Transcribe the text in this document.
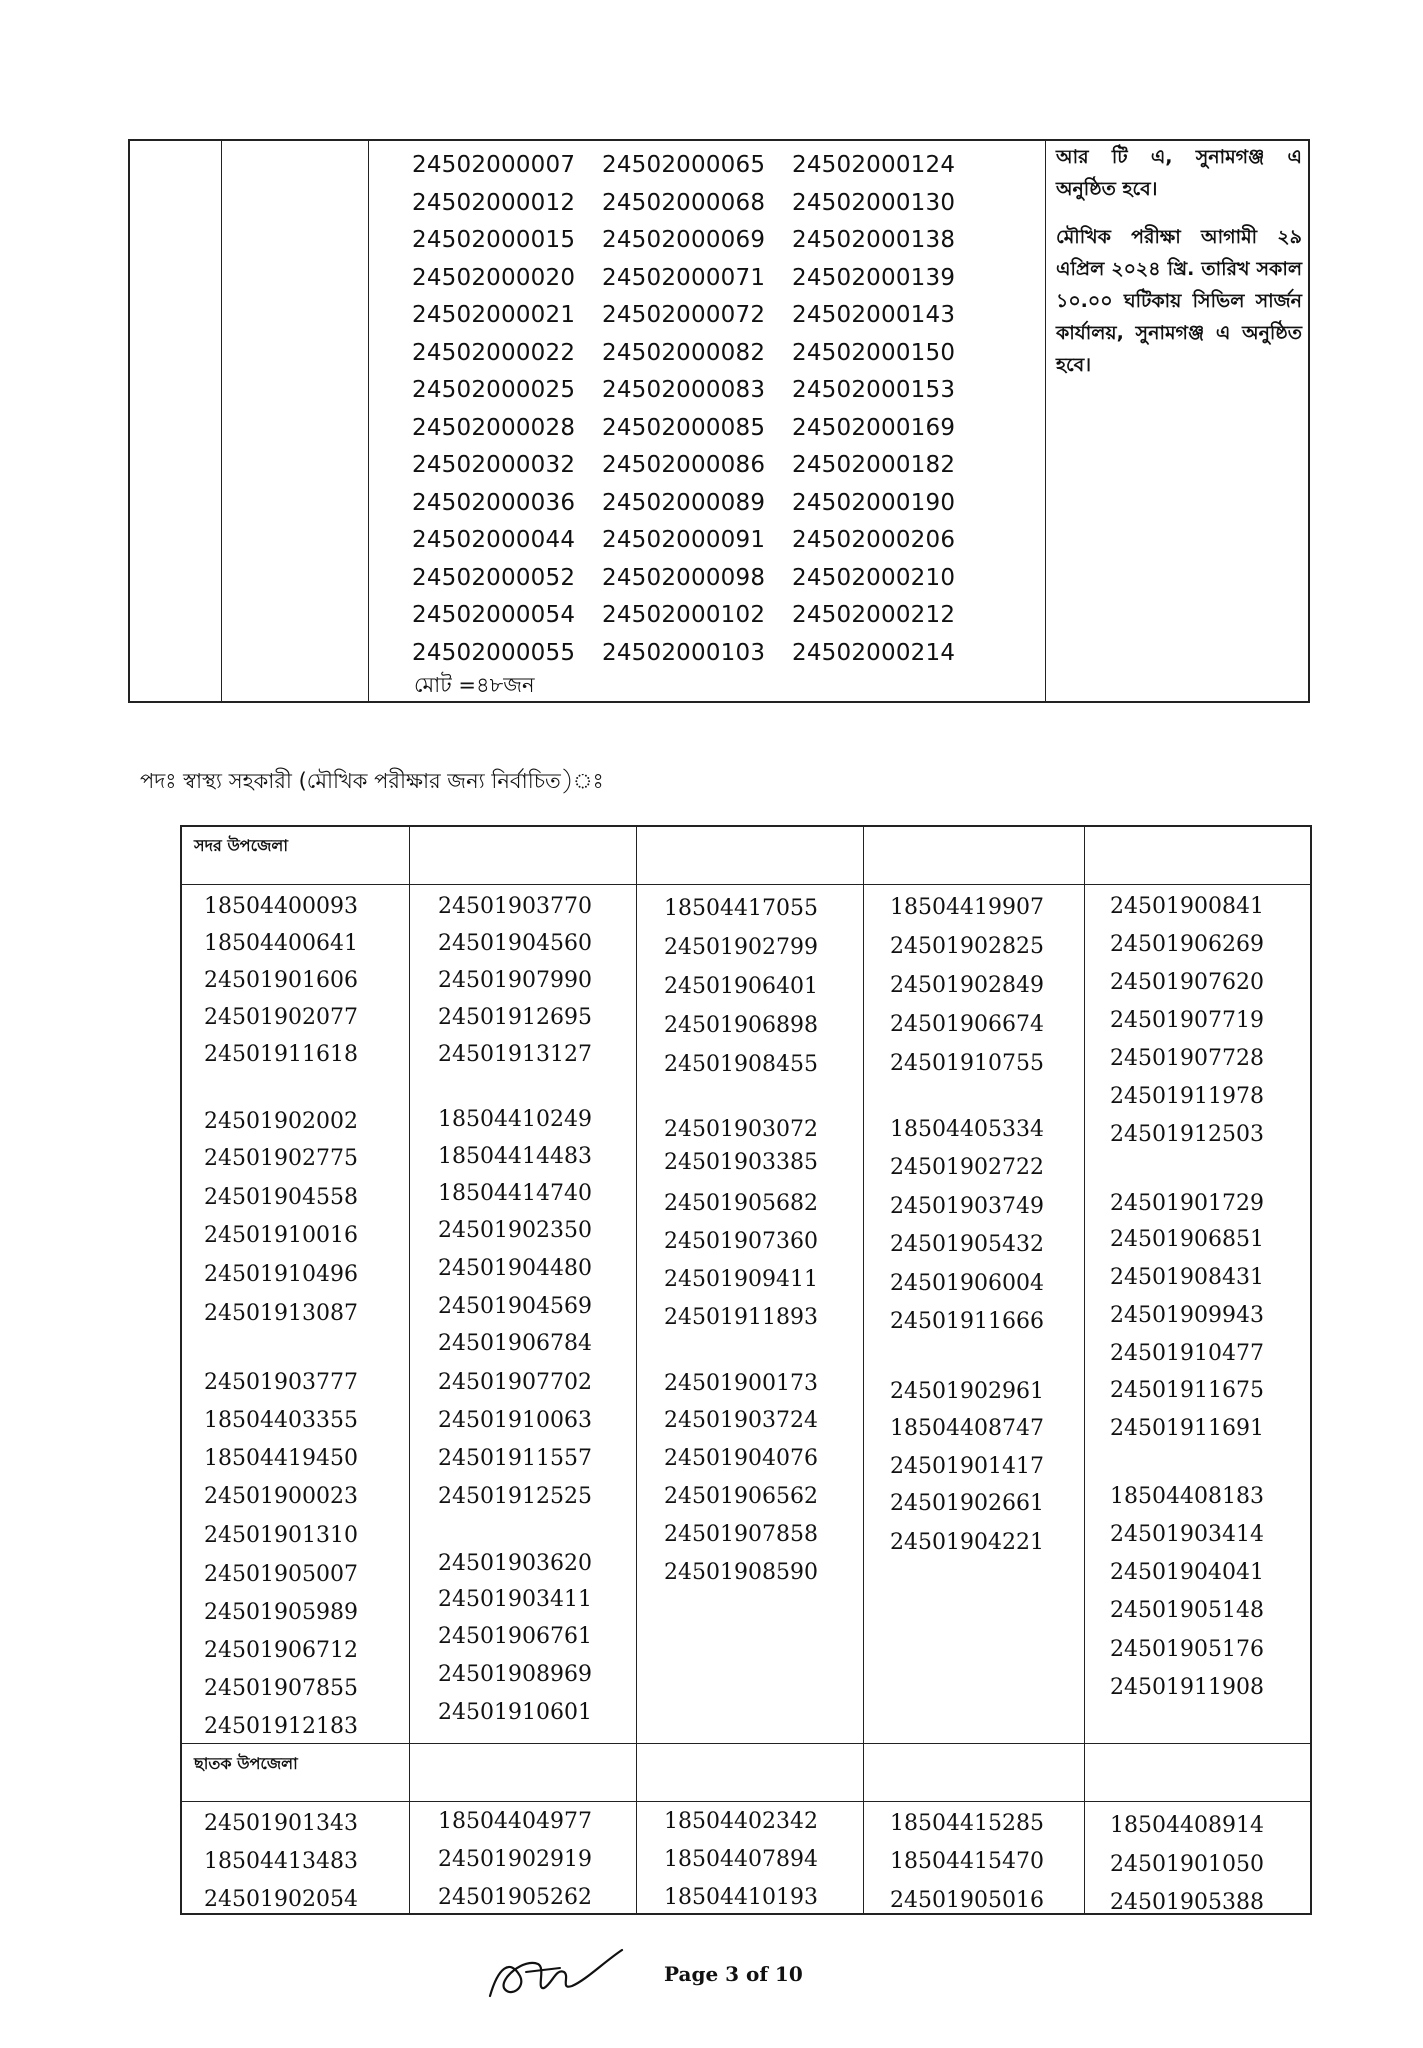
24502000007
24502000012
24502000015
24502000020
24502000021
24502000022
24502000025
24502000028
24502000032
24502000036
24502000044
24502000052
24502000054
24502000055
24502000065
24502000068
24502000069
24502000071
24502000072
24502000082
24502000083
24502000085
24502000086
24502000089
24502000091
24502000098
24502000102
24502000103
24502000124
24502000130
24502000138
24502000139
24502000143
24502000150
24502000153
24502000169
24502000182
24502000190
24502000206
24502000210
24502000212
24502000214
মোট =৪৮জন

আর টি এ, সুনামগঞ্জ এ অনুষ্ঠিত হবে।

মৌখিক পরীক্ষা আগামী ২৯ এপ্রিল ২০২৪ খ্রি. তারিখ সকাল ১০.০০ ঘটিকায় সিভিল সার্জন কার্যালয়, সুনামগঞ্জ এ অনুষ্ঠিত হবে।

পদঃ স্বাস্থ্য সহকারী (মৌখিক পরীক্ষার জন্য নির্বাচিত)ঃ
সদর উপজেলা
ছাতক উপজেলা
18504400093
18504400641
24501901606
24501902077
24501911618
24501902002
24501902775
24501904558
24501910016
24501910496
24501913087
24501903777
18504403355
18504419450
24501900023
24501901310
24501905007
24501905989
24501906712
24501907855
24501912183
24501903770
24501904560
24501907990
24501912695
24501913127
18504410249
18504414483
18504414740
24501902350
24501904480
24501904569
24501906784
24501907702
24501910063
24501911557
24501912525
24501903620
24501903411
24501906761
24501908969
24501910601
18504417055
24501902799
24501906401
24501906898
24501908455
24501903072
24501903385
24501905682
24501907360
24501909411
24501911893
24501900173
24501903724
24501904076
24501906562
24501907858
24501908590
18504419907
24501902825
24501902849
24501906674
24501910755
18504405334
24501902722
24501903749
24501905432
24501906004
24501911666
24501902961
18504408747
24501901417
24501902661
24501904221
24501900841
24501906269
24501907620
24501907719
24501907728
24501911978
24501912503
24501901729
24501906851
24501908431
24501909943
24501910477
24501911675
24501911691
18504408183
24501903414
24501904041
24501905148
24501905176
24501911908
24501901343
18504413483
24501902054
18504404977
24501902919
24501905262
18504402342
18504407894
18504410193
18504415285
18504415470
24501905016
18504408914
24501901050
24501905388
Page 3 of 10
